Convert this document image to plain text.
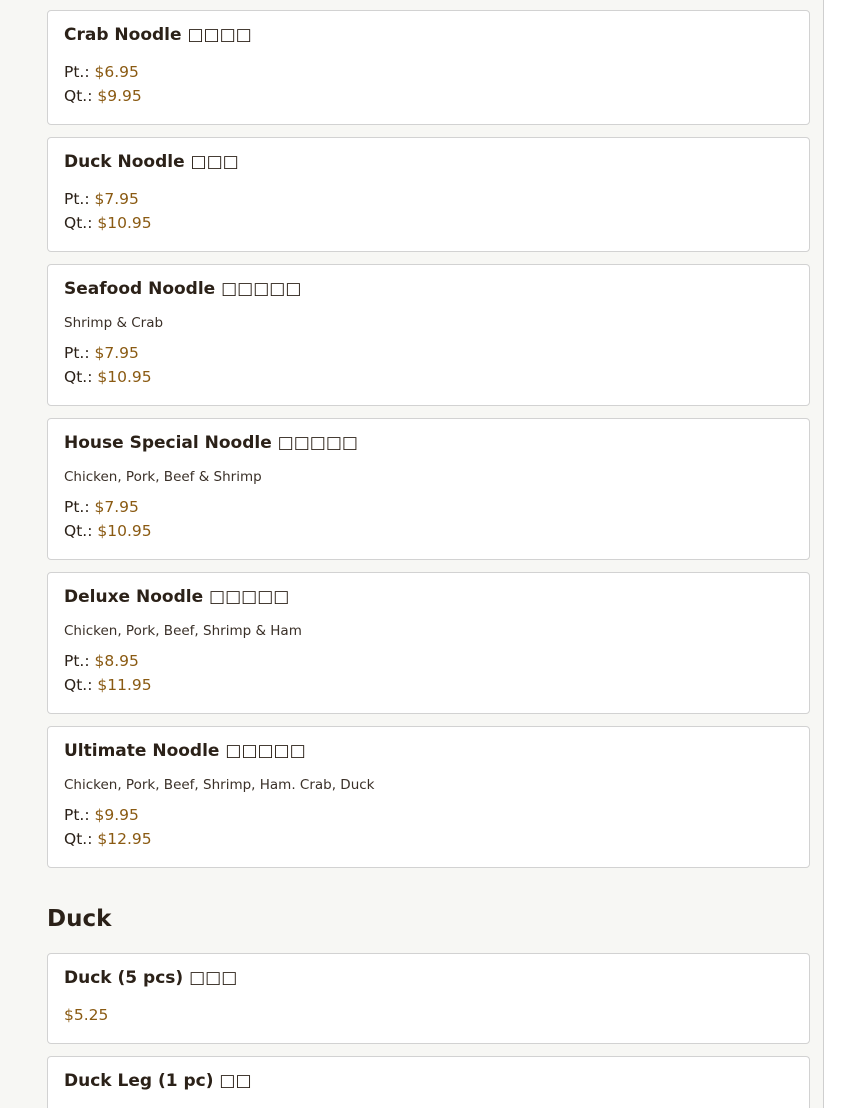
Crab Noodle □□□□
Pt.: $6.95
Qt.: $9.95
Duck Noodle □□□
Pt.: $7.95
Qt.: $10.95
Seafood Noodle □□□□□
Shrimp & Crab
Pt.: $7.95
Qt.: $10.95
House Special Noodle □□□□□
Chicken, Pork, Beef & Shrimp
Pt.: $7.95
Qt.: $10.95
Deluxe Noodle □□□□□
Chicken, Pork, Beef, Shrimp & Ham
Pt.: $8.95
Qt.: $11.95
Ultimate Noodle □□□□□
Chicken, Pork, Beef, Shrimp, Ham. Crab, Duck
Pt.: $9.95
Qt.: $12.95
Duck
Duck (5 pcs) □□□
$5.25
Duck Leg (1 pc) □□
